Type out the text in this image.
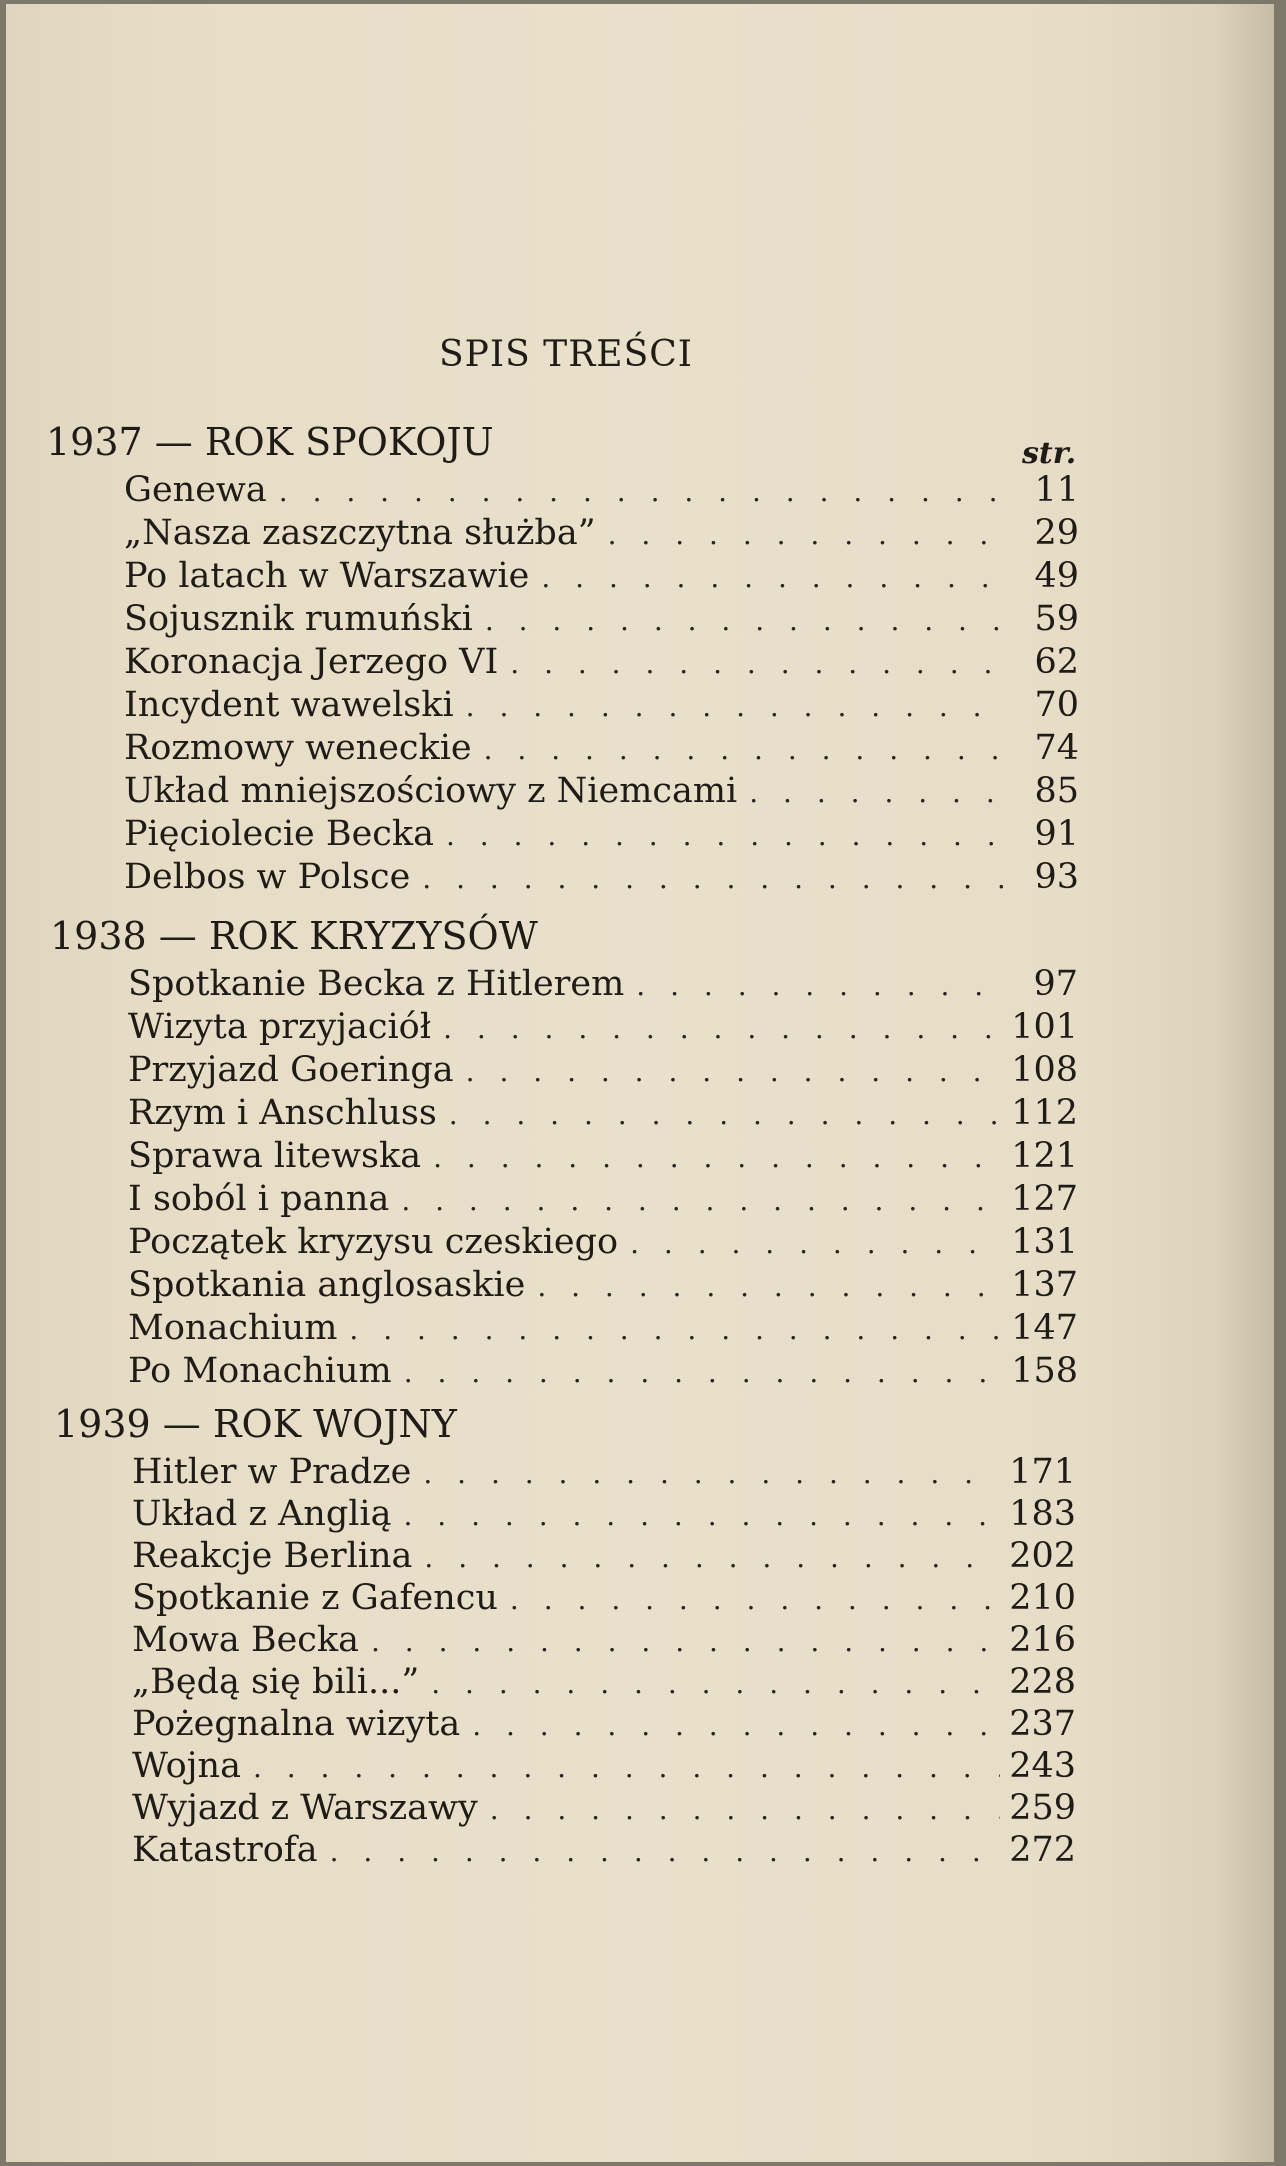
SPIS TREŚCI
str.
1937 — ROK SPOKOJU
Genewa . . .	11
„Nasza zaszczytna służba” . . .	29
Po latach w Warszawie . . .	49
Sojusznik rumuński . . .	59
Koronacja Jerzego VI . . .	62
Incydent wawelski . . .	70
Rozmowy weneckie . . .	74
Układ mniejszościowy z Niemcami . . .	85
Pięciolecie Becka . . .	91
Delbos w Polsce . . .	93
1938 — ROK KRYZYSÓW
Spotkanie Becka z Hitlerem . . .	97
Wizyta przyjaciół . . .	101
Przyjazd Goeringa . . .	108
Rzym i Anschluss . . .	112
Sprawa litewska . . .	121
I soból i panna . . .	127
Początek kryzysu czeskiego . . .	131
Spotkania anglosaskie . . .	137
Monachium . . .	147
Po Monachium . . .	158
1939 — ROK WOJNY
Hitler w Pradze . . .	171
Układ z Anglią . . .	183
Reakcje Berlina . . .	202
Spotkanie z Gafencu . . .	210
Mowa Becka . . .	216
„Będą się bili...” . . .	228
Pożegnalna wizyta . . .	237
Wojna . . .	243
Wyjazd z Warszawy . . .	259
Katastrofa . . .	272
